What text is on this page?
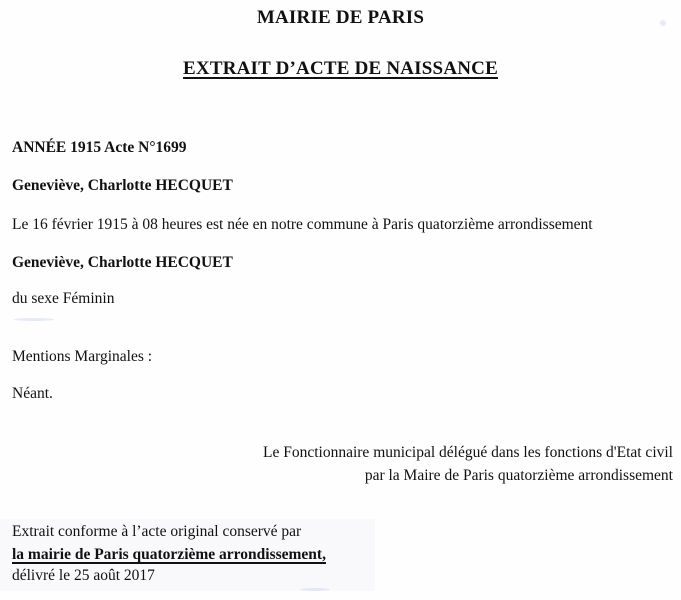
MAIRIE DE PARIS
EXTRAIT D’ACTE DE NAISSANCE
ANNÉE 1915 Acte N°1699
Geneviève, Charlotte HECQUET
Le 16 février 1915 à 08 heures est née en notre commune à Paris quatorzième arrondissement
Geneviève, Charlotte HECQUET
du sexe Féminin
Mentions Marginales :
Néant.
Le Fonctionnaire municipal délégué dans les fonctions d'Etat civil
par la Maire de Paris quatorzième arrondissement
Extrait conforme à l’acte original conservé par
la mairie de Paris quatorzième arrondissement,
délivré le 25 août 2017
